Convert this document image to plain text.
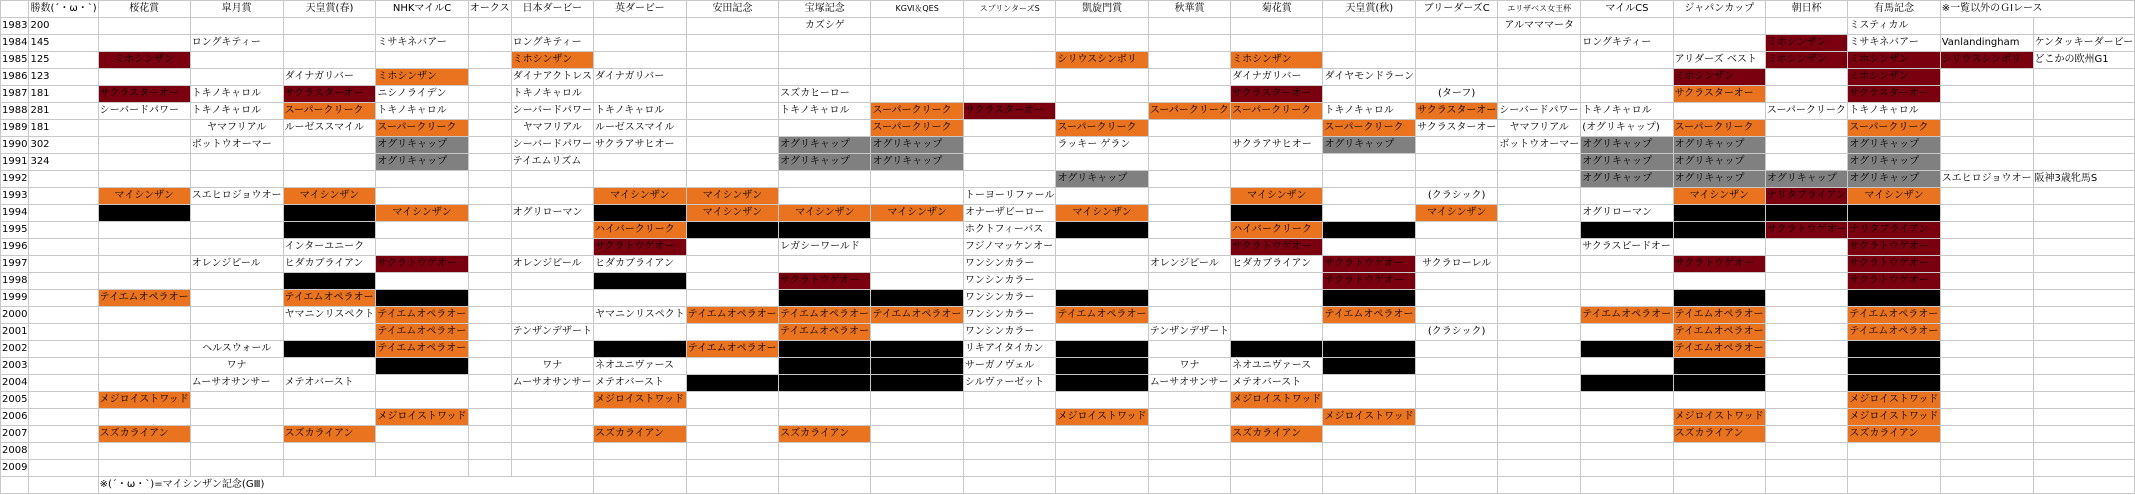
	勝数(´・ω・`)	桜花賞	皐月賞	天皇賞(春)	NHKマイルC	オークス	日本ダービー	英ダービー	安田記念	宝塚記念	KGⅥ＆QES	スプリンターズS	凱旋門賞	秋華賞	菊花賞	天皇賞(秋)	ブリーダーズC	エリザベス女王杯	マイルCS	ジャパンカップ	朝日杯	有馬記念	※一覧以外のＧⅠレース	
1983	200									カズシゲ								アルマママータ				ミスティカル		
1984	145		ロングキティー		ミサキネバアー		ロングキティー												ロングキティー		ミホシンザン	ミサキネバアー	Vanlandingham	ケンタッキーダービー
1985	125	ミホシンザン					ミホシンザン						シリウスシンボリ		ミホシンザン					アリダーズ ベスト	ミホシンザン	ミホシンザン	シリウスシンボリ	どこかの欧州G1
1986	123			ダイナガリバー	ミホシンザン		ダイナアクトレス	ダイナガリバー							ダイナガリバー	ダイヤモンドラーン				ミホシンザン		ミホシンザン		
1987	181	サクラスターオー	トキノキャロル	サクラスターオー	ニシノライデン		トキノキャロル			スズカヒーロー					サクラスターオー		(ターフ)			サクラスターオー		サクラスターオー		
1988	281	シーバードパワー	トキノキャロル	スーパークリーク	トキノキャロル		シーバードパワー	トキノキャロル		トキノキャロル	スーパークリーク	サクラスターオー		スーパークリーク	スーパークリーク	トキノキャロル	サクラスターオー	シーバードパワー	トキノキャロル		スーパークリーク	トキノキャロル		
1989	181		ヤマフリアル	ルーゼススマイル	スーパークリーク		ヤマフリアル	ルーゼススマイル			スーパークリーク		スーパークリーク			スーパークリーク	サクラスターオー	ヤマフリアル	(オグリキャップ)	スーパークリーク		スーパークリーク		
1990	302		ボットウオーマー		オグリキャップ		シーバードパワー	サクラアサヒオー		オグリキャップ	オグリキャップ		ラッキー ゲラン		サクラアサヒオー	オグリキャップ		ボットウオーマー	オグリキャップ	オグリキャップ		オグリキャップ		
1991	324				オグリキャップ		テイエムリズム			オグリキャップ	オグリキャップ								オグリキャップ	オグリキャップ		オグリキャップ		
1992													オグリキャップ						オグリキャップ	オグリキャップ	オグリキャップ	オグリキャップ	スエヒロジョウオー	阪神3歳牝馬S
1993		マイシンザン	スエヒロジョウオー	マイシンザン				マイシンザン	マイシンザン			トーヨーリファール			マイシンザン		(クラシック)			マイシンザン	ナリタブライアン	マイシンザン		
1994		ナリタブライアン		ナリタブライアン	マイシンザン		オグリローマン	ナリタブライアン	マイシンザン	マイシンザン	マイシンザン	オナーザビーロー	マイシンザン		ナリタブライアン		マイシンザン		オグリローマン	ナリタブライアン	ナリタブライアン	ナリタブライアン		
1995				ナリタブライアン				ハイバークリーク	ナリタブライアン	ナリタブライアン		ホクトフィーバス	ナリタブライアン		ハイバークリーク	ナリタブライアン			ナリタブライアン	ナリタブライアン	サクラトウゲオー	ナリタブライアン		
1996				インターユニーク				サクラトウゲオー		レガシーワールド		フジノマッケンオー			サクラトウゲオー				サクラスピードオー			サクラトウゲオー		
1997			オレンジピール	ヒダカブライアン	サクラトウゲオー		オレンジピール	ヒダカブライアン				ワンシンカラー		オレンジピール	ヒダカブライアン	サクラトウゲオー	サクラローレル			サクラトウゲオー		サクラトウゲオー		
1998				スペシャルウィーク				スペシャルウィーク		サクラトウゲオー		ワンシンカラー				サクラトウゲオー						サクラトウゲオー		
1999		テイエムオペラオー		テイエムオペラオー	スペシャルウィーク					スペシャルウィーク	スペシャルウィーク	ワンシンカラー	スペシャルウィーク			スペシャルウィーク				スペシャルウィーク		スペシャルウィーク		
2000				ヤマニンリスペクト	テイエムオペラオー			ヤマニンリスペクト	テイエムオペラオー	テイエムオペラオー	テイエムオペラオー	ワンシンカラー	テイエムオペラオー			テイエムオペラオー			テイエムオペラオー	テイエムオペラオー		テイエムオペラオー		
2001					テイエムオペラオー		テンザンデザート			テイエムオペラオー		ワンシンカラー		テンザンデザート			(クラシック)			テイエムオペラオー		テイエムオペラオー		
2002			ヘルスウォール	シンボリクリスエス	テイエムオペラオー			シンボリクリスエス	テイエムオペラオー	シンボリクリスエス	シンボリクリスエス	リキアイタイカン	シンボリクリスエス		シンボリクリスエス	シンボリクリスエス			シンボリクリスエス	テイエムオペラオー		シンボリクリスエス		
2003			ワナ		シンボリクリスエス		ワナ	ネオユニヴァース		シンボリクリスエス	シンボリクリスエス	サーガノヴェル	シンボリクリスエス	ワナ	ネオユニヴァース	シンボリクリスエス				シンボリクリスエス		シンボリクリスエス		
2004			ムーサオサンサー	メテオバースト			ムーサオサンサー	メテオバースト	シンボリクリスエス	シンボリクリスエス	シンボリクリスエス	シルヴァーゼット	シンボリクリスエス	ムーサオサンサー	メテオバースト				シンボリクリスエス	シンボリクリスエス		シンボリクリスエス		
2005		メジロイストワッド						メジロイストワッド							メジロイストワッド							メジロイストワッド		
2006					メジロイストワッド								メジロイストワッド			メジロイストワッド				メジロイストワッド		メジロイストワッド		
2007		スズカライアン		スズカライアン				スズカライアン		スズカライアン					スズカライアン					スズカライアン		スズカライアン		
2008																								
2009																								
		※(´・ω・`)=マイシンザン記念(GⅢ)																						
